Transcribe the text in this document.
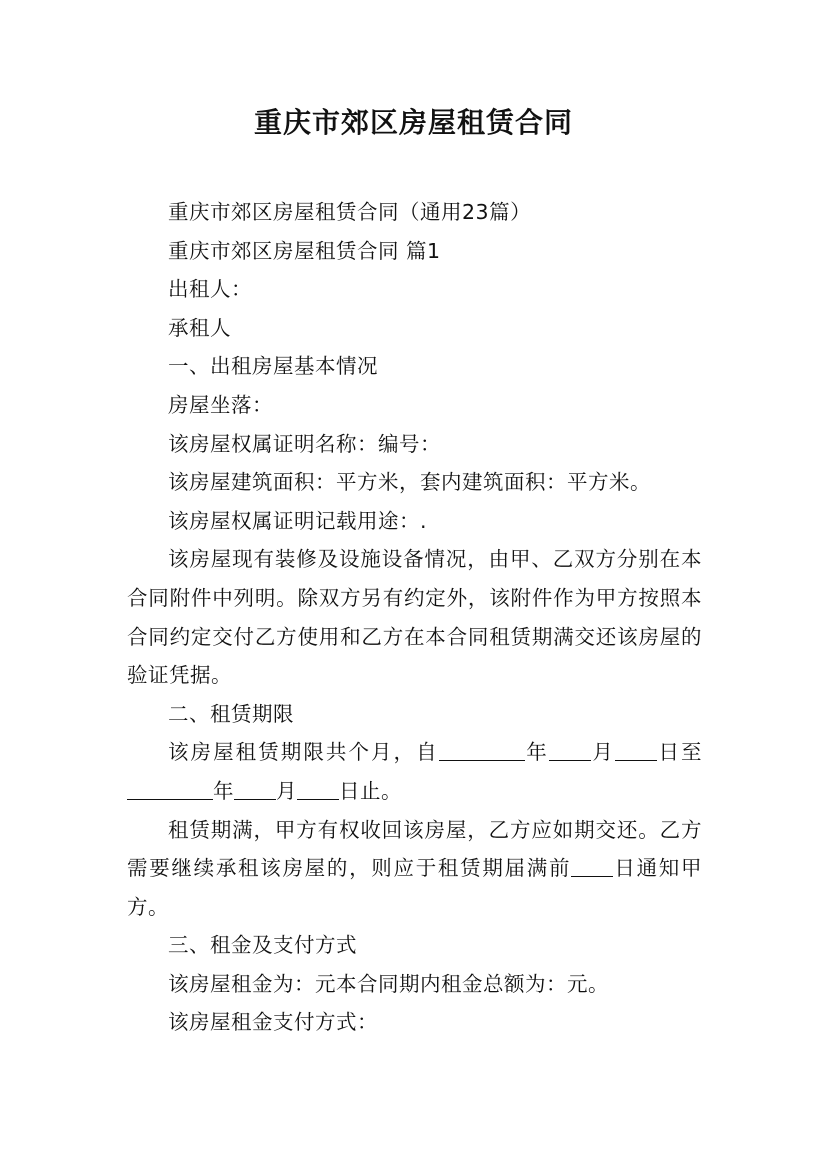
重庆市郊区房屋租赁合同

重庆市郊区房屋租赁合同（通用23篇）

重庆市郊区房屋租赁合同 篇1

出租人：

承租人

一、出租房屋基本情况

房屋坐落：

该房屋权属证明名称：编号：

该房屋建筑面积：平方米，套内建筑面积：平方米。

该房屋权属证明记载用途：.

该房屋现有装修及设施设备情况，由甲、乙双方分别在本合同附件中列明。除双方另有约定外，该附件作为甲方按照本合同约定交付乙方使用和乙方在本合同租赁期满交还该房屋的验证凭据。

二、租赁期限

该房屋租赁期限共个月，自	年 月 日至年 月 日止。

租赁期满，甲方有权收回该房屋，乙方应如期交还。乙方需要继续承租该房屋的，则应于租赁期届满前 日通知甲方。

三、租金及支付方式

该房屋租金为：元本合同期内租金总额为：元。

该房屋租金支付方式：
